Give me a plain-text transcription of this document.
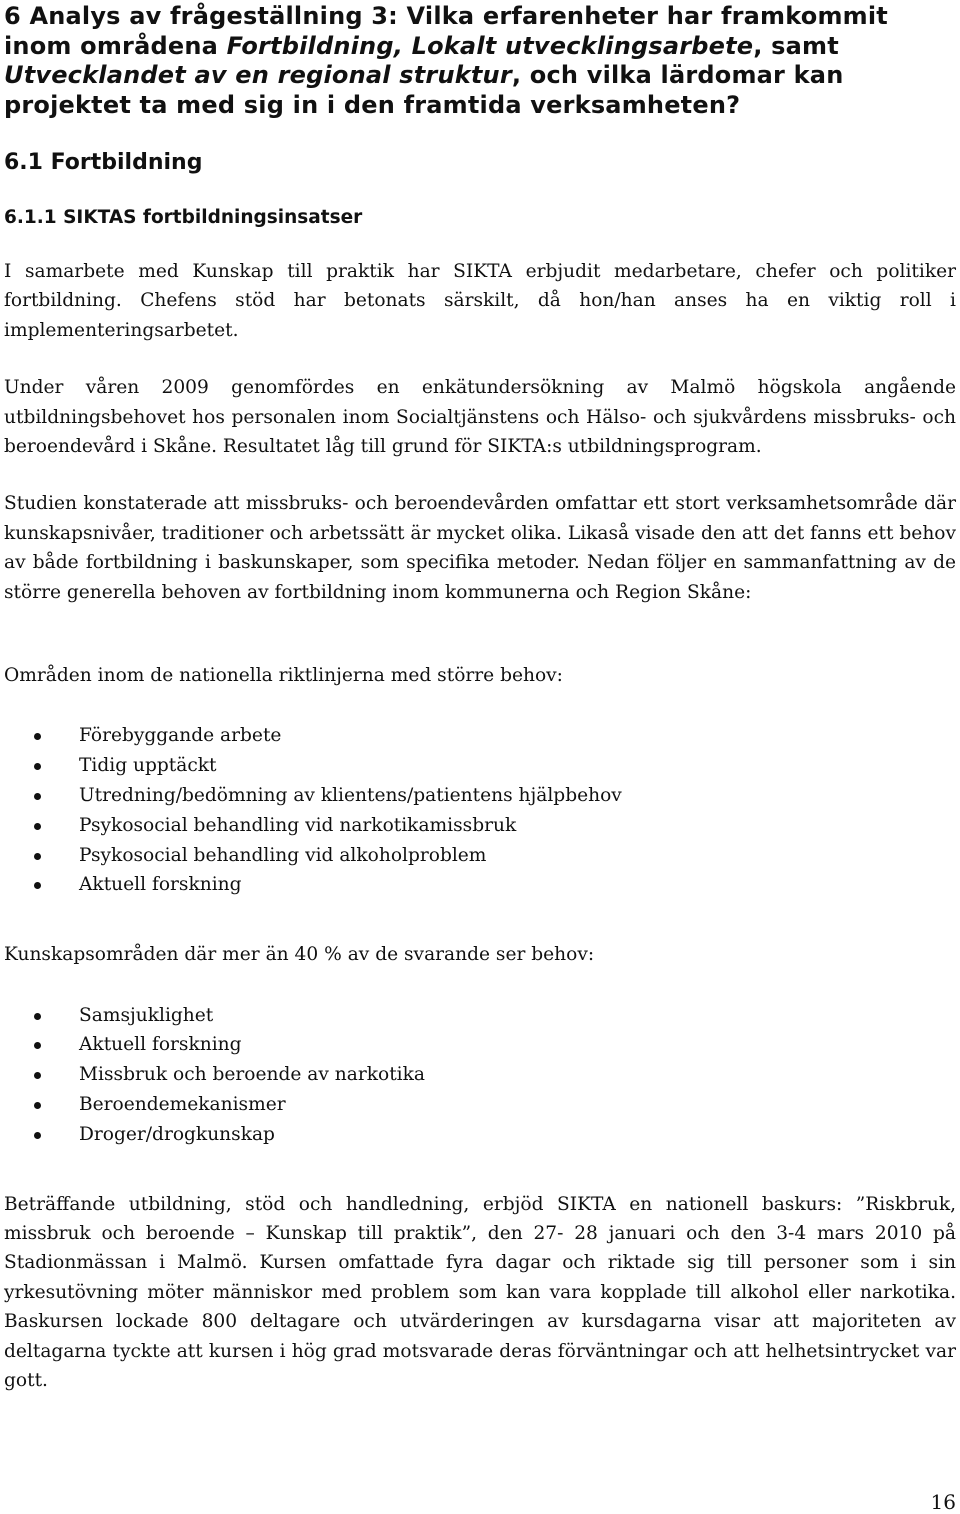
6 Analys av frågeställning 3: Vilka erfarenheter har framkommit inom områdena Fortbildning, Lokalt utvecklingsarbete, samt Utvecklandet av en regional struktur, och vilka lärdomar kan projektet ta med sig in i den framtida verksamheten?
6.1 Fortbildning
6.1.1 SIKTAS fortbildningsinsatser

I samarbete med Kunskap till praktik har SIKTA erbjudit medarbetare, chefer och politiker fortbildning. Chefens stöd har betonats särskilt, då hon/han anses ha en viktig roll i implementeringsarbetet.

Under våren 2009 genomfördes en enkätundersökning av Malmö högskola angående utbildningsbehovet hos personalen inom Socialtjänstens och Hälso- och sjukvårdens missbruks- och beroendevård i Skåne. Resultatet låg till grund för SIKTA:s utbildningsprogram.

Studien konstaterade att missbruks- och beroendevården omfattar ett stort verksamhetsområde där kunskapsnivåer, traditioner och arbetssätt är mycket olika. Likaså visade den att det fanns ett behov av både fortbildning i baskunskaper, som specifika metoder. Nedan följer en sammanfattning av de större generella behoven av fortbildning inom kommunerna och Region Skåne:

Områden inom de nationella riktlinjerna med större behov:

Förebyggande arbete
Tidig upptäckt
Utredning/bedömning av klientens/patientens hjälpbehov
Psykosocial behandling vid narkotikamissbruk
Psykosocial behandling vid alkoholproblem
Aktuell forskning

Kunskapsområden där mer än 40 % av de svarande ser behov:

Samsjuklighet
Aktuell forskning
Missbruk och beroende av narkotika
Beroendemekanismer
Droger/drogkunskap

Beträffande utbildning, stöd och handledning, erbjöd SIKTA en nationell baskurs: ”Riskbruk, missbruk och beroende – Kunskap till praktik”, den 27- 28 januari och den 3-4 mars 2010 på Stadionmässan i Malmö. Kursen omfattade fyra dagar och riktade sig till personer som i sin yrkesutövning möter människor med problem som kan vara kopplade till alkohol eller narkotika. Baskursen lockade 800 deltagare och utvärderingen av kursdagarna visar att majoriteten av deltagarna tyckte att kursen i hög grad motsvarade deras förväntningar och att helhetsintrycket var gott.

16
